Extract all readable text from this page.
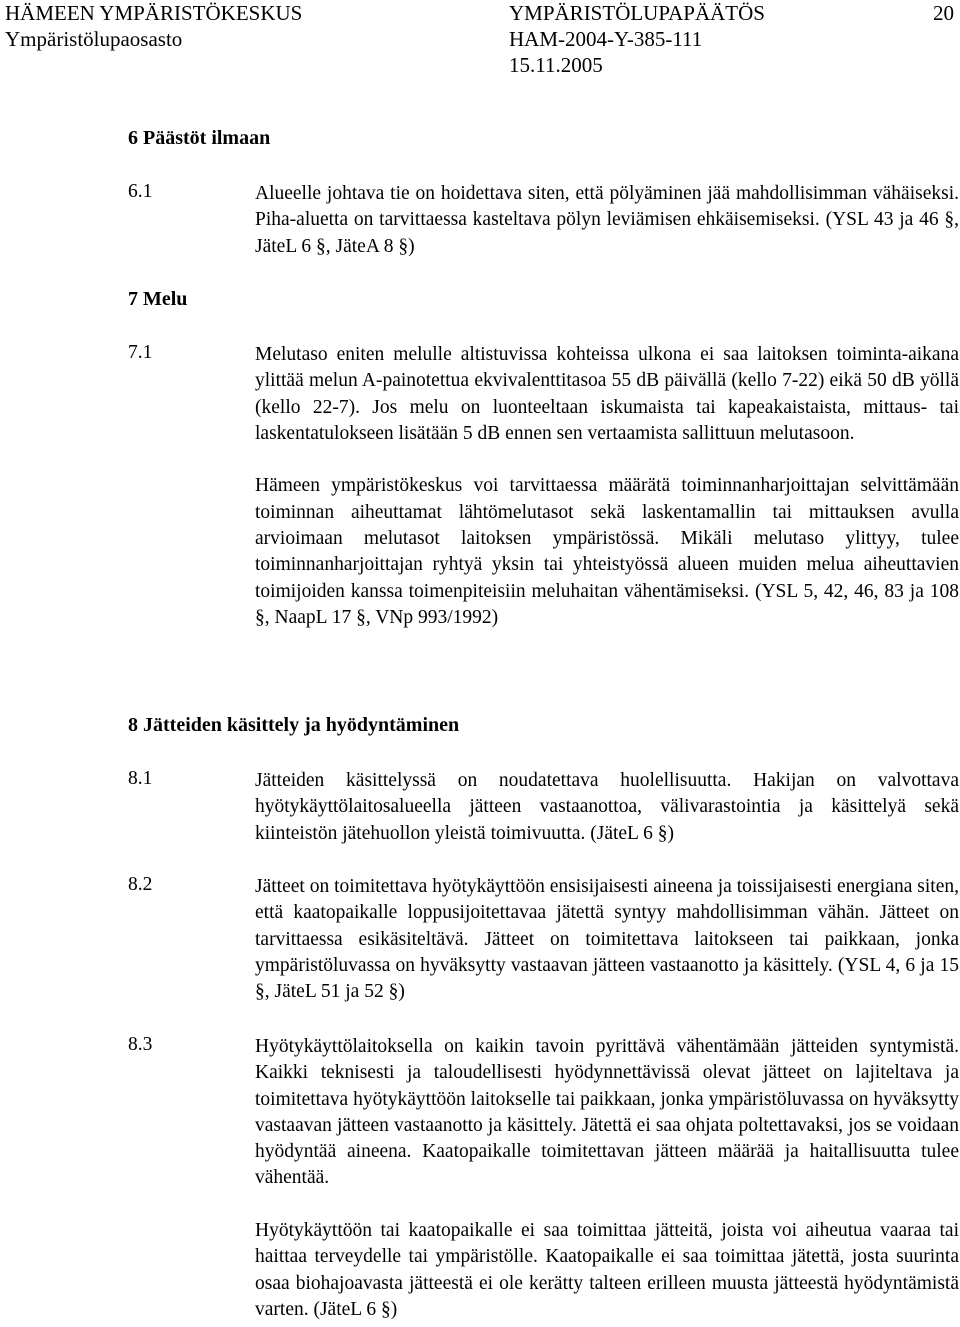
HÄMEEN YMPÄRISTÖKESKUS
Ympäristölupaosasto
YMPÄRISTÖLUPAPÄÄTÖS
HAM-2004-Y-385-111
15.11.2005
20
6 Päästöt ilmaan
6.1	Alueelle johtava tie on hoidettava siten, että pölyäminen jää mahdollisimman vähäiseksi. Piha-aluetta on tarvittaessa kasteltava pölyn leviämisen ehkäisemiseksi. (YSL 43 ja 46 §, JäteL 6 §, JäteA 8 §)

7 Melu
7.1	Melutaso eniten melulle altistuvissa kohteissa ulkona ei saa laitoksen toiminta-aikana ylittää melun A-painotettua ekvivalenttitasoa 55 dB päivällä (kello 7-22) eikä 50 dB yöllä (kello 22-7). Jos melu on luonteeltaan iskumaista tai kapeakaistaista, mittaus- tai laskentatulokseen lisätään 5 dB ennen sen vertaamista sallittuun melutasoon.

Hämeen ympäristökeskus voi tarvittaessa määrätä toiminnanharjoittajan selvittämään toiminnan aiheuttamat lähtömelutasot sekä laskentamallin tai mittauksen avulla arvioimaan melutasot laitoksen ympäristössä. Mikäli melutaso ylittyy, tulee toiminnanharjoittajan ryhtyä yksin tai yhteistyössä alueen muiden melua aiheuttavien toimijoiden kanssa toimenpiteisiin meluhaitan vähentämiseksi. (YSL 5, 42, 46, 83 ja 108 §, NaapL 17 §, VNp 993/1992)

8 Jätteiden käsittely ja hyödyntäminen
8.1	Jätteiden käsittelyssä on noudatettava huolellisuutta. Hakijan on valvottava hyötykäyttölaitosalueella jätteen vastaanottoa, välivarastointia ja käsittelyä sekä kiinteistön jätehuollon yleistä toimivuutta. (JäteL 6 §)

8.2	Jätteet on toimitettava hyötykäyttöön ensisijaisesti aineena ja toissijaisesti energiana siten, että kaatopaikalle loppusijoitettavaa jätettä syntyy mahdollisimman vähän. Jätteet on tarvittaessa esikäsiteltävä. Jätteet on toimitettava laitokseen tai paikkaan, jonka ympäristöluvassa on hyväksytty vastaavan jätteen vastaanotto ja käsittely. (YSL 4, 6 ja 15 §, JäteL 51 ja 52 §)

8.3	Hyötykäyttölaitoksella on kaikin tavoin pyrittävä vähentämään jätteiden syntymistä. Kaikki teknisesti ja taloudellisesti hyödynnettävissä olevat jätteet on lajiteltava ja toimitettava hyötykäyttöön laitokselle tai paikkaan, jonka ympäristöluvassa on hyväksytty vastaavan jätteen vastaanotto ja käsittely. Jätettä ei saa ohjata poltettavaksi, jos se voidaan hyödyntää aineena. Kaatopaikalle toimitettavan jätteen määrää ja haitallisuutta tulee vähentää.

Hyötykäyttöön tai kaatopaikalle ei saa toimittaa jätteitä, joista voi aiheutua vaaraa tai haittaa terveydelle tai ympäristölle. Kaatopaikalle ei saa toimittaa jätettä, josta suurinta osaa biohajoavasta jätteestä ei ole kerätty talteen erilleen muusta jätteestä hyödyntämistä varten. (JäteL 6 §)
